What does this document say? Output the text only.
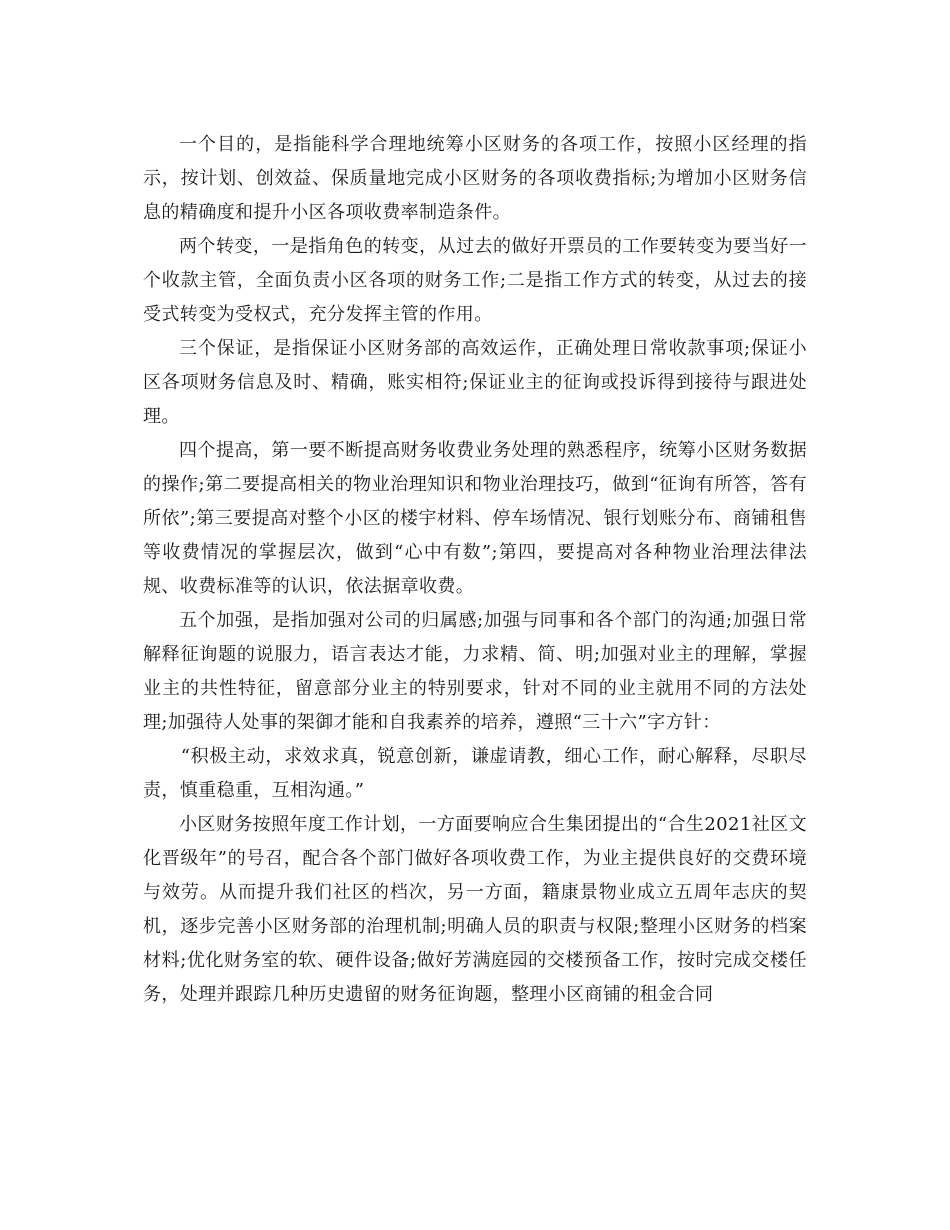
一个目的，是指能科学合理地统筹小区财务的各项工作，按照小区经理的指示，按计划、创效益、保质量地完成小区财务的各项收费指标;为增加小区财务信息的精确度和提升小区各项收费率制造条件。

两个转变，一是指角色的转变，从过去的做好开票员的工作要转变为要当好一个收款主管，全面负责小区各项的财务工作;二是指工作方式的转变，从过去的接受式转变为受权式，充分发挥主管的作用。

三个保证，是指保证小区财务部的高效运作，正确处理日常收款事项;保证小区各项财务信息及时、精确，账实相符;保证业主的征询或投诉得到接待与跟进处理。

四个提高，第一要不断提高财务收费业务处理的熟悉程序，统筹小区财务数据的操作;第二要提高相关的物业治理知识和物业治理技巧，做到“征询有所答，答有所依”;第三要提高对整个小区的楼宇材料、停车场情况、银行划账分布、商铺租售等收费情况的掌握层次，做到“心中有数”;第四，要提高对各种物业治理法律法规、收费标准等的认识，依法据章收费。

五个加强，是指加强对公司的归属感;加强与同事和各个部门的沟通;加强日常解释征询题的说服力，语言表达才能，力求精、简、明;加强对业主的理解，掌握业主的共性特征，留意部分业主的特别要求，针对不同的业主就用不同的方法处理;加强待人处事的架御才能和自我素养的培养，遵照“三十六”字方针：

“积极主动，求效求真，锐意创新，谦虚请教，细心工作，耐心解释，尽职尽责，慎重稳重，互相沟通。”

小区财务按照年度工作计划，一方面要响应合生集团提出的“合生2021社区文化晋级年”的号召，配合各个部门做好各项收费工作，为业主提供良好的交费环境与效劳。从而提升我们社区的档次，另一方面，籍康景物业成立五周年志庆的契机，逐步完善小区财务部的治理机制;明确人员的职责与权限;整理小区财务的档案材料;优化财务室的软、硬件设备;做好芳满庭园的交楼预备工作，按时完成交楼任务，处理并跟踪几种历史遗留的财务征询题，整理小区商铺的租金合同
